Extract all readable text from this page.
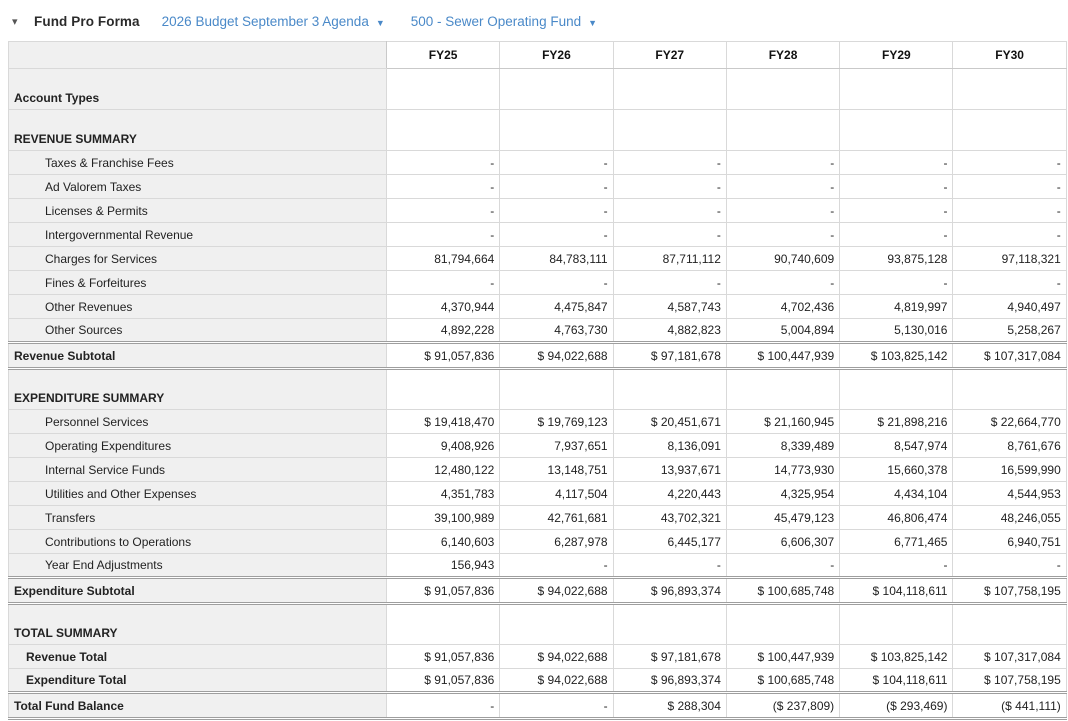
▾	Fund Pro Forma 2026 Budget September 3 Agenda ▼ 500 - Sewer Operating Fund ▼
	FY25	FY26	FY27	FY28	FY29	FY30
Account Types						
REVENUE SUMMARY						
Taxes & Franchise Fees	-	-	-	-	-	-
Ad Valorem Taxes	-	-	-	-	-	-
Licenses & Permits	-	-	-	-	-	-
Intergovernmental Revenue	-	-	-	-	-	-
Charges for Services	81,794,664	84,783,111	87,711,112	90,740,609	93,875,128	97,118,321
Fines & Forfeitures	-	-	-	-	-	-
Other Revenues	4,370,944	4,475,847	4,587,743	4,702,436	4,819,997	4,940,497
Other Sources	4,892,228	4,763,730	4,882,823	5,004,894	5,130,016	5,258,267
Revenue Subtotal	$ 91,057,836	$ 94,022,688	$ 97,181,678	$ 100,447,939	$ 103,825,142	$ 107,317,084
EXPENDITURE SUMMARY						
Personnel Services	$ 19,418,470	$ 19,769,123	$ 20,451,671	$ 21,160,945	$ 21,898,216	$ 22,664,770
Operating Expenditures	9,408,926	7,937,651	8,136,091	8,339,489	8,547,974	8,761,676
Internal Service Funds	12,480,122	13,148,751	13,937,671	14,773,930	15,660,378	16,599,990
Utilities and Other Expenses	4,351,783	4,117,504	4,220,443	4,325,954	4,434,104	4,544,953
Transfers	39,100,989	42,761,681	43,702,321	45,479,123	46,806,474	48,246,055
Contributions to Operations	6,140,603	6,287,978	6,445,177	6,606,307	6,771,465	6,940,751
Year End Adjustments	156,943	-	-	-	-	-
Expenditure Subtotal	$ 91,057,836	$ 94,022,688	$ 96,893,374	$ 100,685,748	$ 104,118,611	$ 107,758,195
TOTAL SUMMARY						
Revenue Total	$ 91,057,836	$ 94,022,688	$ 97,181,678	$ 100,447,939	$ 103,825,142	$ 107,317,084
Expenditure Total	$ 91,057,836	$ 94,022,688	$ 96,893,374	$ 100,685,748	$ 104,118,611	$ 107,758,195
Total Fund Balance	-	-	$ 288,304	($ 237,809)	($ 293,469)	($ 441,111)
